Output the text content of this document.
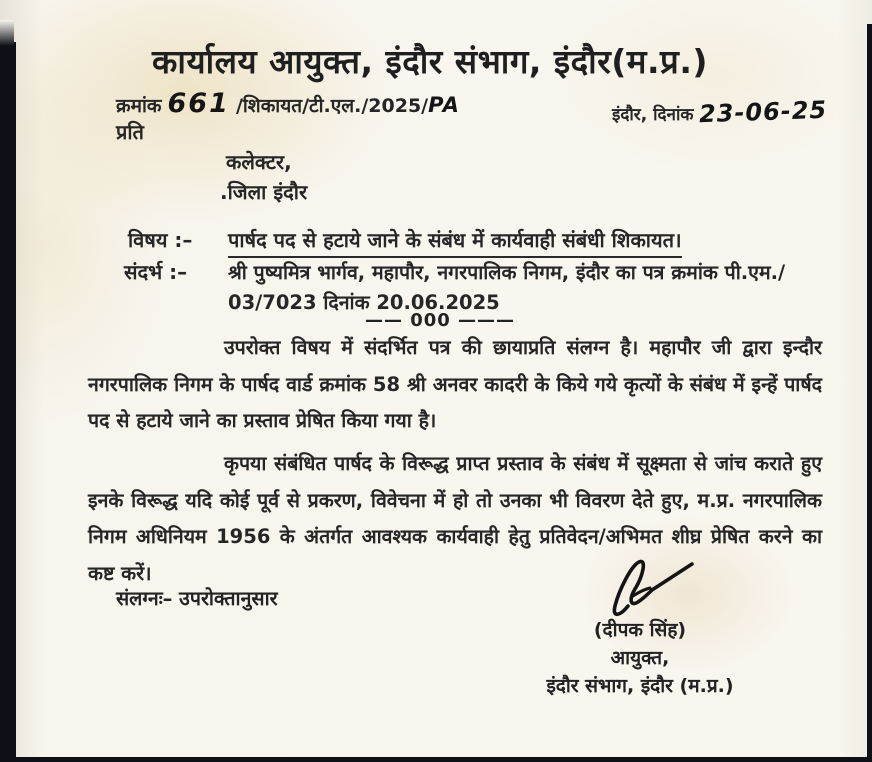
कार्यालय आयुक्त, इंदौर संभाग, इंदौर(म.प्र.)
क्रमांक 661 /शिकायत/टी.एल./2025/PA	इंदौर, दिनांक 23-06-25
प्रति
कलेक्टर,
.जिला इंदौर
विषय :– पार्षद पद से हटाये जाने के संबंध में कार्यवाही संबंधी शिकायत।
संदर्भ :– श्री पुष्यमित्र भार्गव, महापौर, नगरपालिक निगम, इंदौर का पत्र क्रमांक पी.एम./
03/7023 दिनांक 20.06.2025
—— 000 ———

उपरोक्त विषय में संदर्भित पत्र की छायाप्रति संलग्न है। महापौर जी द्वारा इन्दौर नगरपालिक निगम के पार्षद वार्ड क्रमांक 58 श्री अनवर कादरी के किये गये कृत्यों के संबंध में इन्हें पार्षद पद से हटाये जाने का प्रस्ताव प्रेषित किया गया है।

कृपया संबंधित पार्षद के विरूद्ध प्राप्त प्रस्ताव के संबंध में सूक्ष्मता से जांच कराते हुए इनके विरूद्ध यदि कोई पूर्व से प्रकरण, विवेचना में हो तो उनका भी विवरण देते हुए, म.प्र. नगरपालिक निगम अधिनियम 1956 के अंतर्गत आवश्यक कार्यवाही हेतु प्रतिवेदन/अभिमत शीघ्र प्रेषित करने का कष्ट करें।

संलग्नः– उपरोक्तानुसार
(दीपक सिंह)
आयुक्त,
इंदौर संभाग, इंदौर (म.प्र.)
